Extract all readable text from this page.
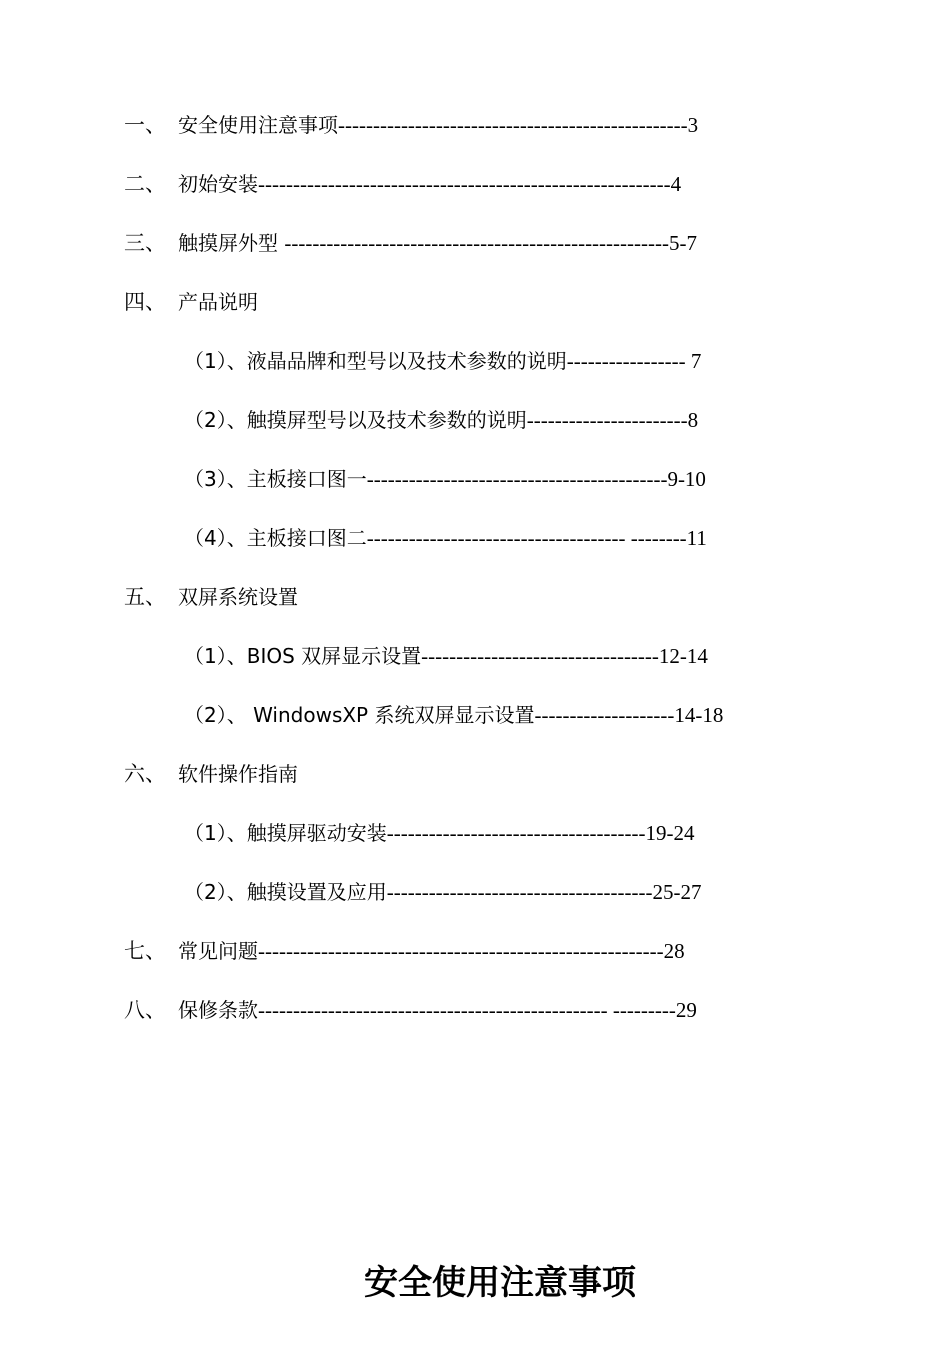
一、 安全使用注意事项--------------------------------------------------3
二、 初始安装-----------------------------------------------------------4
三、 触摸屏外型 -------------------------------------------------------5-7
四、 产品说明
（1）、液晶品牌和型号以及技术参数的说明----------------- 7
（2）、触摸屏型号以及技术参数的说明-----------------------8
（3）、主板接口图一-------------------------------------------9-10
（4）、主板接口图二------------------------------------- --------11
五、 双屏系统设置
（1）、BIOS 双屏显示设置----------------------------------12-14
（2）、 WindowsXP 系统双屏显示设置--------------------14-18
六、 软件操作指南
（1）、触摸屏驱动安装-------------------------------------19-24
（2）、触摸设置及应用--------------------------------------25-27
七、 常见问题----------------------------------------------------------28
八、 保修条款-------------------------------------------------- ---------29
安全使用注意事项
